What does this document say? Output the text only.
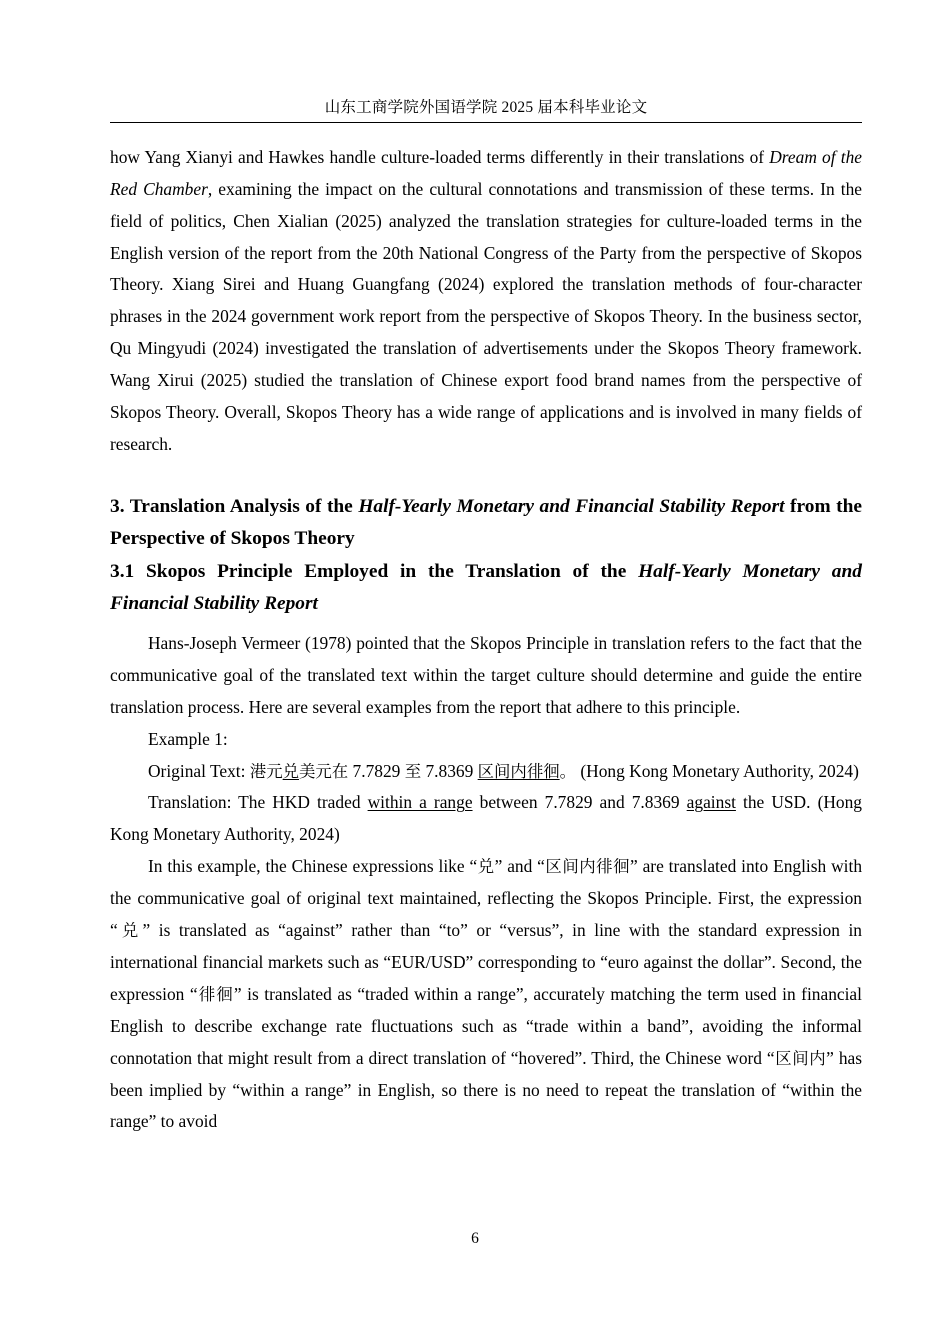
山东工商学院外国语学院 2025 届本科毕业论文

how Yang Xianyi and Hawkes handle culture-loaded terms differently in their translations of Dream of the Red Chamber, examining the impact on the cultural connotations and transmission of these terms. In the field of politics, Chen Xialian (2025) analyzed the translation strategies for culture-loaded terms in the English version of the report from the 20th National Congress of the Party from the perspective of Skopos Theory. Xiang Sirei and Huang Guangfang (2024) explored the translation methods of four-character phrases in the 2024 government work report from the perspective of Skopos Theory. In the business sector, Qu Mingyudi (2024) investigated the translation of advertisements under the Skopos Theory framework. Wang Xirui (2025) studied the translation of Chinese export food brand names from the perspective of Skopos Theory. Overall, Skopos Theory has a wide range of applications and is involved in many fields of research.

3. Translation Analysis of the Half-Yearly Monetary and Financial Stability Report from the Perspective of Skopos Theory
3.1 Skopos Principle Employed in the Translation of the Half-Yearly Monetary and Financial Stability Report

Hans-Joseph Vermeer (1978) pointed that the Skopos Principle in translation refers to the fact that the communicative goal of the translated text within the target culture should determine and guide the entire translation process. Here are several examples from the report that adhere to this principle.

Example 1:

Original Text: 港元兑美元在 7.7829 至 7.8369 区间内徘徊。 (Hong Kong Monetary Authority, 2024)

Translation: The HKD traded within a range between 7.7829 and 7.8369 against the USD. (Hong Kong Monetary Authority, 2024)

In this example, the Chinese expressions like “兑” and “区间内徘徊” are translated into English with the communicative goal of original text maintained, reflecting the Skopos Principle. First, the expression “兑” is translated as “against” rather than “to” or “versus”, in line with the standard expression in international financial markets such as “EUR/USD” corresponding to “euro against the dollar”. Second, the expression “徘徊” is translated as “traded within a range”, accurately matching the term used in financial English to describe exchange rate fluctuations such as “trade within a band”, avoiding the informal connotation that might result from a direct translation of “hovered”. Third, the Chinese word “区间内” has been implied by “within a range” in English, so there is no need to repeat the translation of “within the range” to avoid

6
